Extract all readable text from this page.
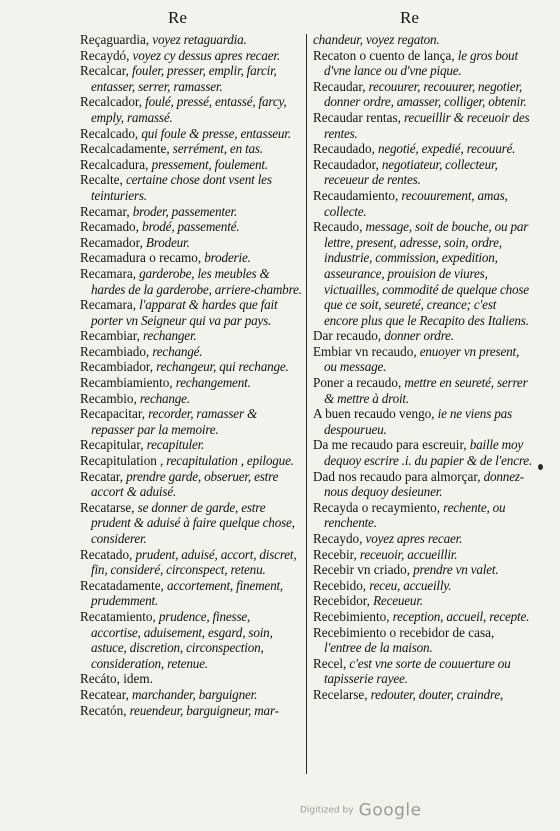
Re	Re

Reçaguardia, voyez retaguardia.

Recaydó, voyez cy dessus apres recaer.

Recalcar, fouler, presser, emplir, farcir, entasser, serrer, ramasser.

Recalcador, foulé, pressé, entassé, farcy, emply, ramassé.

Recalcado, qui foule & presse, entasseur.

Recalcadamente, serrément, en tas.

Recalcadura, pressement, foulement.

Recalte, certaine chose dont vsent les teinturiers.

Recamar, broder, passementer.

Recamado, brodé, passementé.

Recamador, Brodeur.

Recamadura o recamo, broderie.

Recamara, garderobe, les meubles & hardes de la garderobe, arriere-chambre.

Recamara, l'apparat & hardes que fait porter vn Seigneur qui va par pays.

Recambiar, rechanger.

Recambiado, rechangé.

Recambiador, rechangeur, qui rechange.

Recambiamiento, rechangement.

Recambio, rechange.

Recapacitar, recorder, ramasser & repasser par la memoire.

Recapitular, recapituler.

Recapitulation , recapitulation , epilogue.

Recatar, prendre garde, obseruer, estre accort & aduisé.

Recatarse, se donner de garde, estre prudent & aduisé à faire quelque chose, considerer.

Recatado, prudent, aduisé, accort, discret, fin, consideré, circonspect, retenu.

Recatadamente, accortement, finement, prudemment.

Recatamiento, prudence, finesse, accortise, aduisement, esgard, soin, astuce, discretion, circonspection, consideration, retenue.

Recáto, idem.

Recatear, marchander, barguigner.

Recatón, reuendeur, barguigneur, mar-

chandeur, voyez regaton.

Recaton o cuento de lança, le gros bout d'vne lance ou d'vne pique.

Recaudar, recouurer, recouurer, negotier, donner ordre, amasser, colliger, obtenir.

Recaudar rentas, recueillir & receuoir des rentes.

Recaudado, negotié, expedié, recouuré.

Recaudador, negotiateur, collecteur, receueur de rentes.

Recaudamiento, recouurement, amas, collecte.

Recaudo, message, soit de bouche, ou par lettre, present, adresse, soin, ordre, industrie, commission, expedition, asseurance, prouision de viures, victuailles, commodité de quelque chose que ce soit, seureté, creance; c'est encore plus que le Recapito des Italiens.

Dar recaudo, donner ordre.

Embiar vn recaudo, enuoyer vn present, ou message.

Poner a recaudo, mettre en seureté, serrer & mettre à droit.

A buen recaudo vengo, ie ne viens pas despourueu.

Da me recaudo para escreuir, baille moy dequoy escrire .i. du papier & de l'encre.

Dad nos recaudo para almorçar, donnez-nous dequoy desieuner.

Recayda o recaymiento, rechente, ou renchente.

Recaydo, voyez apres recaer.

Recebir, receuoir, accueillir.

Recebir vn criado, prendre vn valet.

Recebido, receu, accueilly.

Recebidor, Receueur.

Recebimiento, reception, accueil, recepte.

Recebimiento o recebidor de casa, l'entree de la maison.

Recel, c'est vne sorte de couuerture ou tapisserie rayee.

Recelarse, redouter, douter, craindre,

Digitized by Google
